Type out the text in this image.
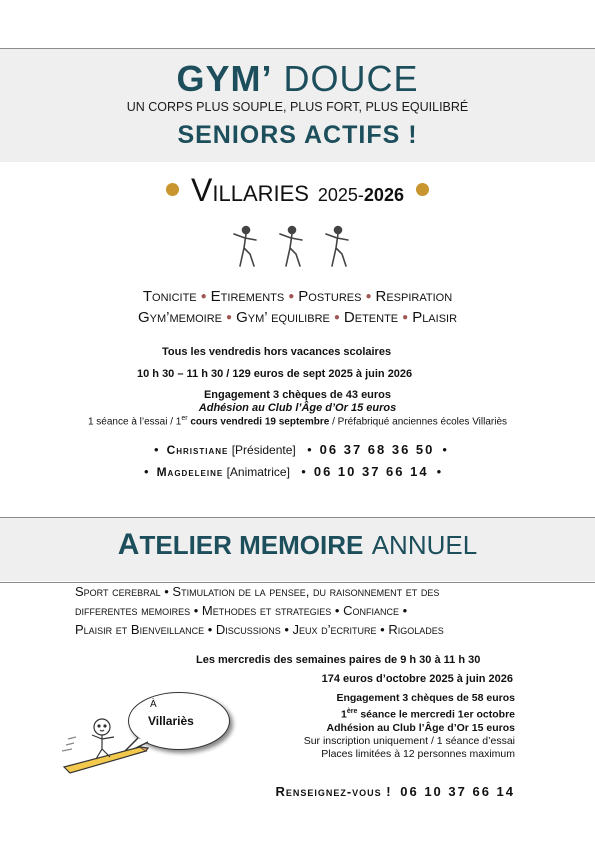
GYM’ DOUCE
UN CORPS PLUS SOUPLE, PLUS FORT, PLUS EQUILIBRÉ
SENIORS ACTIFS !
Villaries 2025-2026
Tonicite ● Etirements ● Postures ● Respiration
Gym’memoire ● Gym’ equilibre ● Detente ● Plaisir
Tous les vendredis hors vacances scolaires
10 h 30 – 11 h 30 / 129 euros de sept 2025 à juin 2026
Engagement 3 chèques de 43 euros
Adhésion au Club l’Âge d’Or 15 euros
1 séance à l’essai / 1er cours vendredi 19 septembre / Préfabriqué anciennes écoles Villariès
• Christiane [Présidente] • 06 37 68 36 50 •
• Magdeleine [Animatrice] • 06 10 37 66 14 •
ATELIER MEMOIRE ANNUEL
Sport cerebral • Stimulation de la pensee, du raisonnement et des
differentes memoires • Methodes et strategies • Confiance •
Plaisir et Bienveillance • Discussions • Jeux d’ecriture • Rigolades
Les mercredis des semaines paires de 9 h 30 à 11 h 30
174 euros d’octobre 2025 à juin 2026
Engagement 3 chèques de 58 euros
1ère séance le mercredi 1er octobre
Adhésion au Club l’Âge d’Or 15 euros
Sur inscription uniquement / 1 séance d’essai
Places limitées à 12 personnes maximum
À
Villariès
Renseignez-vous ! 06 10 37 66 14
